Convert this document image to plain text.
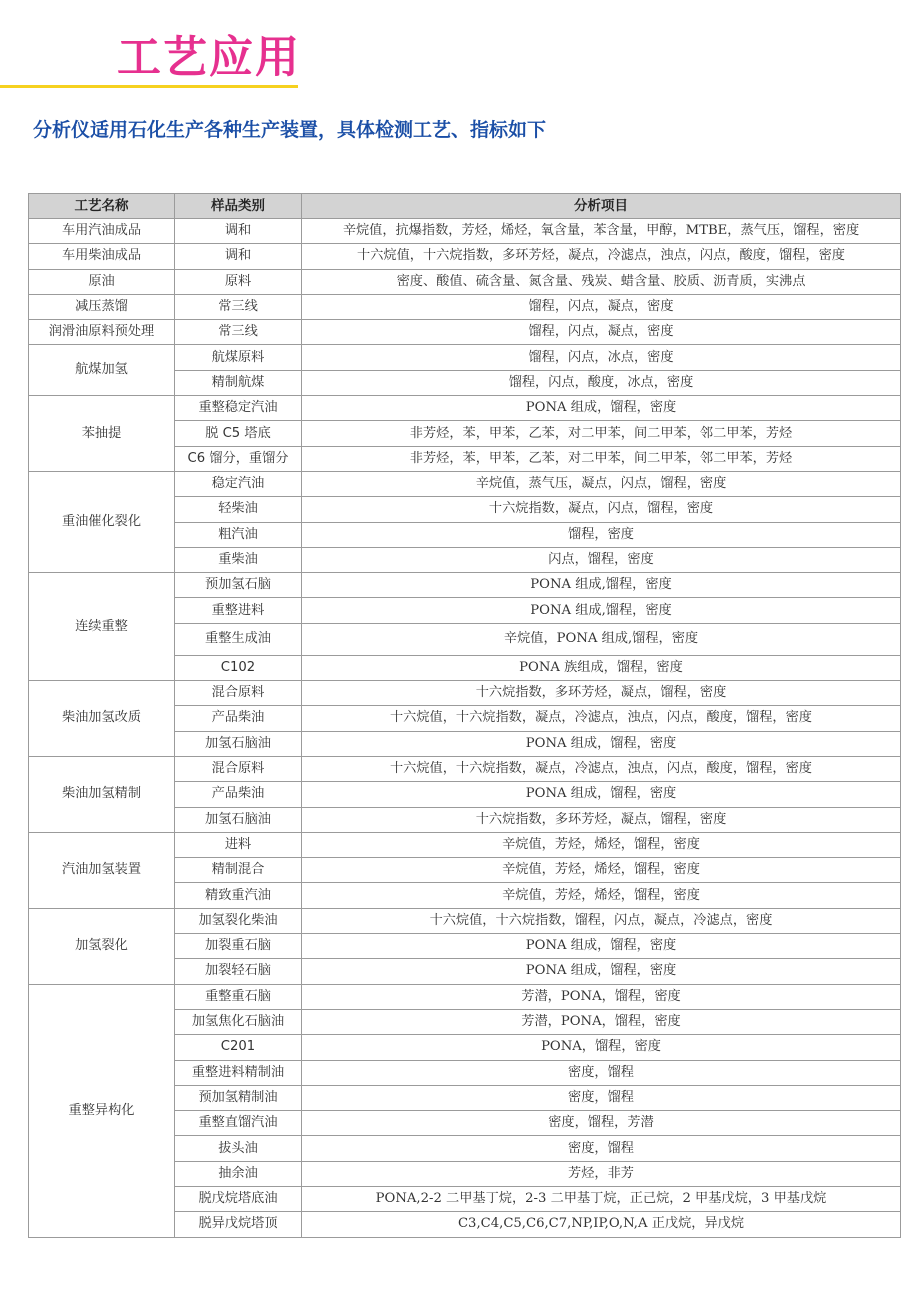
工艺应用
分析仪适用石化生产各种生产装置，具体检测工艺、指标如下
工艺名称	样品类别	分析项目
车用汽油成品	调和	辛烷值，抗爆指数，芳烃，烯烃，氧含量，苯含量，甲醇，MTBE，蒸气压，馏程，密度
车用柴油成品	调和	十六烷值，十六烷指数，多环芳烃，凝点，冷滤点，浊点，闪点，酸度，馏程，密度
原油	原料	密度、酸值、硫含量、氮含量、残炭、蜡含量、胶质、沥青质，实沸点
减压蒸馏	常三线	馏程，闪点，凝点，密度
润滑油原料预处理	常三线	馏程，闪点，凝点，密度
航煤加氢	航煤原料	馏程，闪点，冰点，密度
	精制航煤	馏程，闪点，酸度，冰点，密度
苯抽提	重整稳定汽油	PONA 组成，馏程，密度
	脱 C5 塔底	非芳烃，苯，甲苯，乙苯，对二甲苯，间二甲苯，邻二甲苯，芳烃
	C6 馏分，重馏分	非芳烃，苯，甲苯，乙苯，对二甲苯，间二甲苯，邻二甲苯，芳烃
重油催化裂化	稳定汽油	辛烷值，蒸气压，凝点，闪点，馏程，密度
	轻柴油	十六烷指数，凝点，闪点，馏程，密度
	粗汽油	馏程，密度
	重柴油	闪点，馏程，密度
连续重整	预加氢石脑	PONA 组成,馏程，密度
	重整进料	PONA 组成,馏程，密度
	重整生成油	辛烷值，PONA 组成,馏程，密度
	C102	PONA 族组成，馏程，密度
柴油加氢改质	混合原料	十六烷指数，多环芳烃，凝点，馏程，密度
	产品柴油	十六烷值，十六烷指数，凝点，冷滤点，浊点，闪点，酸度，馏程，密度
	加氢石脑油	PONA 组成，馏程，密度
柴油加氢精制	混合原料	十六烷值，十六烷指数，凝点，冷滤点，浊点，闪点，酸度，馏程，密度
	产品柴油	PONA 组成，馏程，密度
	加氢石脑油	十六烷指数，多环芳烃，凝点，馏程，密度
汽油加氢装置	进料	辛烷值，芳烃，烯烃，馏程，密度
	精制混合	辛烷值，芳烃，烯烃，馏程，密度
	精致重汽油	辛烷值，芳烃，烯烃，馏程，密度
加氢裂化	加氢裂化柴油	十六烷值，十六烷指数，馏程，闪点，凝点，冷滤点，密度
	加裂重石脑	PONA 组成，馏程，密度
	加裂轻石脑	PONA 组成，馏程，密度
重整异构化	重整重石脑	芳潜，PONA，馏程，密度
	加氢焦化石脑油	芳潜，PONA，馏程，密度
	C201	PONA，馏程，密度
	重整进料精制油	密度，馏程
	预加氢精制油	密度，馏程
	重整直馏汽油	密度，馏程，芳潜
	拔头油	密度，馏程
	抽余油	芳烃，非芳
	脱戊烷塔底油	PONA,2-2 二甲基丁烷，2-3 二甲基丁烷，正己烷，2 甲基戊烷，3 甲基戊烷
	脱异戊烷塔顶	C3,C4,C5,C6,C7,NP,IP,O,N,A 正戊烷，异戊烷
